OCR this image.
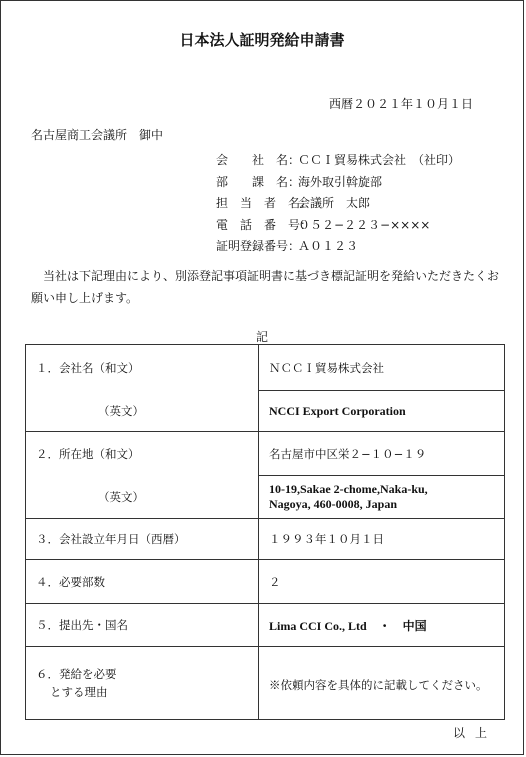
日本法人証明発給申請書
西暦２０２１年１０月１日
名古屋商工会議所　御中
会　　社　名：
ＣＣＩ貿易株式会社　（社印）
部　　課　名：
海外取引斡旋部
担　当　者　名：
会議所　太郎
電　話　番　号：
０５２−２２３−××××
証明登録番号：
Ａ０１２３
　当社は下記理由により、別添登記事項証明書に基づき標記証明を発給いただきたくお願い申し上げます。
記
１．会社名（和文）	ＮＣＣＩ貿易株式会社
（英文）	NCCI Export Corporation
２．所在地（和文）	名古屋市中区栄２−１０−１９
（英文）	10-19,Sakae 2-chome,Naka-ku,
Nagoya, 460-0008, Japan

３．会社設立年月日（西暦）	１９９３年１０月１日
４．必要部数	２
５．提出先・国名	Lima CCI Co., Ltd　・　中国

６．発給を必要
とする理由	※依頼内容を具体的に記載してください。
以上
